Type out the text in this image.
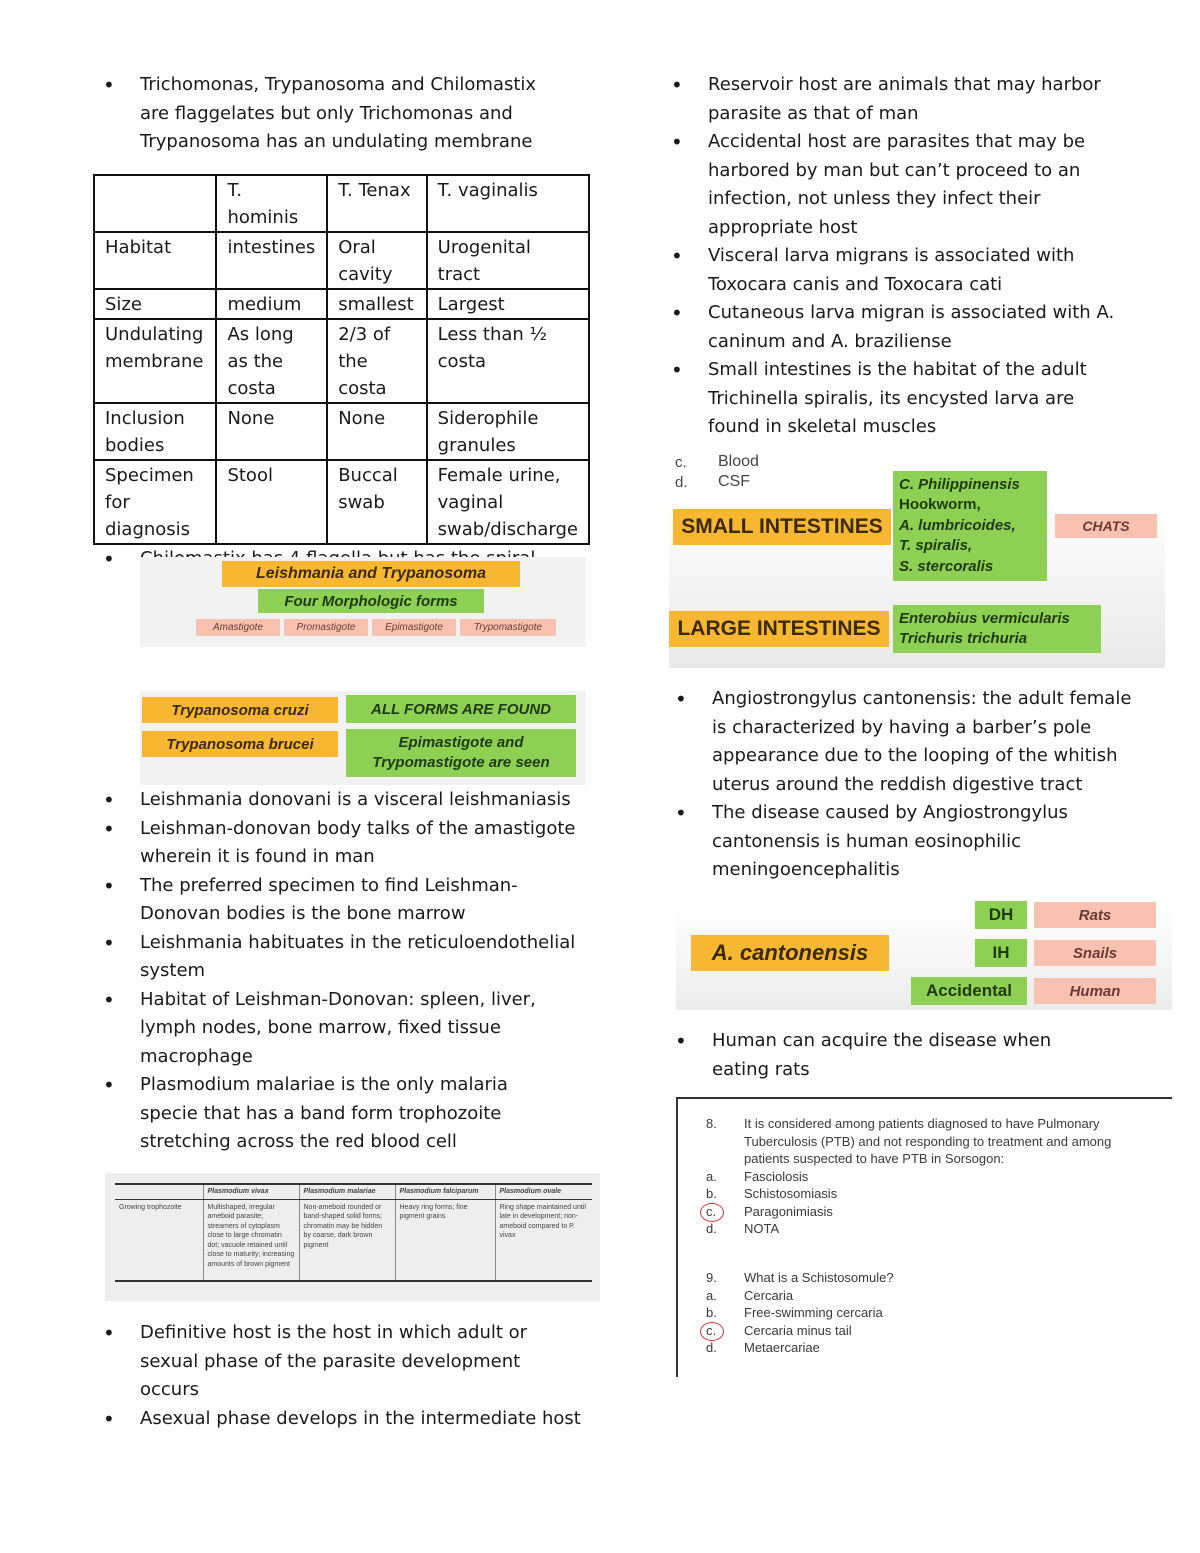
• Trichomonas, Trypanosoma and Chilomastix are flaggelates but only Trichomonas and Trypanosoma has an undulating membrane
	T. hominis	T. Tenax	T. vaginalis
Habitat	intestines	Oral cavity	Urogenital tract
Size	medium	smallest	Largest
Undulating membrane	As long as the costa	2/3 of the costa	Less than ½ costa
Inclusion bodies	None	None	Siderophile granules
Specimen for diagnosis	Stool	Buccal swab	Female urine, vaginal swab/discharge
•
Leishmania and Trypanosoma
Four Morphologic forms
Amastigote	Promastigote	Epimastigote	Trypomastigote
Trypanosoma cruzi	ALL FORMS ARE FOUND
Trypanosoma brucei	Epimastigote and Trypomastigote are seen
• Leishmania donovani is a visceral leishmaniasis
• Leishman-donovan body talks of the amastigote wherein it is found in man
• The preferred specimen to find Leishman-Donovan bodies is the bone marrow
• Leishmania habituates in the reticuloendothelial system
• Habitat of Leishman-Donovan: spleen, liver, lymph nodes, bone marrow, fixed tissue macrophage
• Plasmodium malariae is the only malaria specie that has a band form trophozoite stretching across the red blood cell
	Plasmodium vivax	Plasmodium malariae	Plasmodium falciparum	Plasmodium ovale
Growing trophozoite	Multishaped, irregular ameboid parasite; streamers of cytoplasm close to large chromatin dot; vacuole retained until close to maturity; increasing amounts of brown pigment	Non-ameboid rounded or band-shaped solid forms; chromatin may be hidden by coarse, dark brown pigment	Heavy ring forms; fine pigment grains	Ring shape maintained until late in development; non-ameboid compared to P. vivax
• Definitive host is the host in which adult or sexual phase of the parasite development occurs
• Asexual phase develops in the intermediate host
• Reservoir host are animals that may harbor parasite as that of man
• Accidental host are parasites that may be harbored by man but can’t proceed to an infection, not unless they infect their appropriate host
• Visceral larva migrans is associated with Toxocara canis and Toxocara cati
• Cutaneous larva migran is associated with A. caninum and A. braziliense
• Small intestines is the habitat of the adult Trichinella spiralis, its encysted larva are found in skeletal muscles
c. Blood
d. CSF
SMALL INTESTINES
C. Philippinensis
Hookworm,
A. lumbricoides,
T. spiralis,
S. stercoralis
CHATS
LARGE INTESTINES	Enterobius vermicularis
Trichuris trichuria
• Angiostrongylus cantonensis: the adult female is characterized by having a barber’s pole appearance due to the looping of the whitish uterus around the reddish digestive tract
• The disease caused by Angiostrongylus cantonensis is human eosinophilic meningoencephalitis
A. cantonensis
DH	Rats
IH	Snails
Accidental	Human
• Human can acquire the disease when eating rats
8.	It is considered among patients diagnosed to have Pulmonary Tuberculosis (PTB) and not responding to treatment and among patients suspected to have PTB in Sorsogon:
a. Fasciolosis
b. Schistosomiasis
c. Paragonimiasis
d. NOTA
9.	What is a Schistosomule?
a. Cercaria
b. Free-swimming cercaria
c. Cercaria minus tail
d. Metaercariae
